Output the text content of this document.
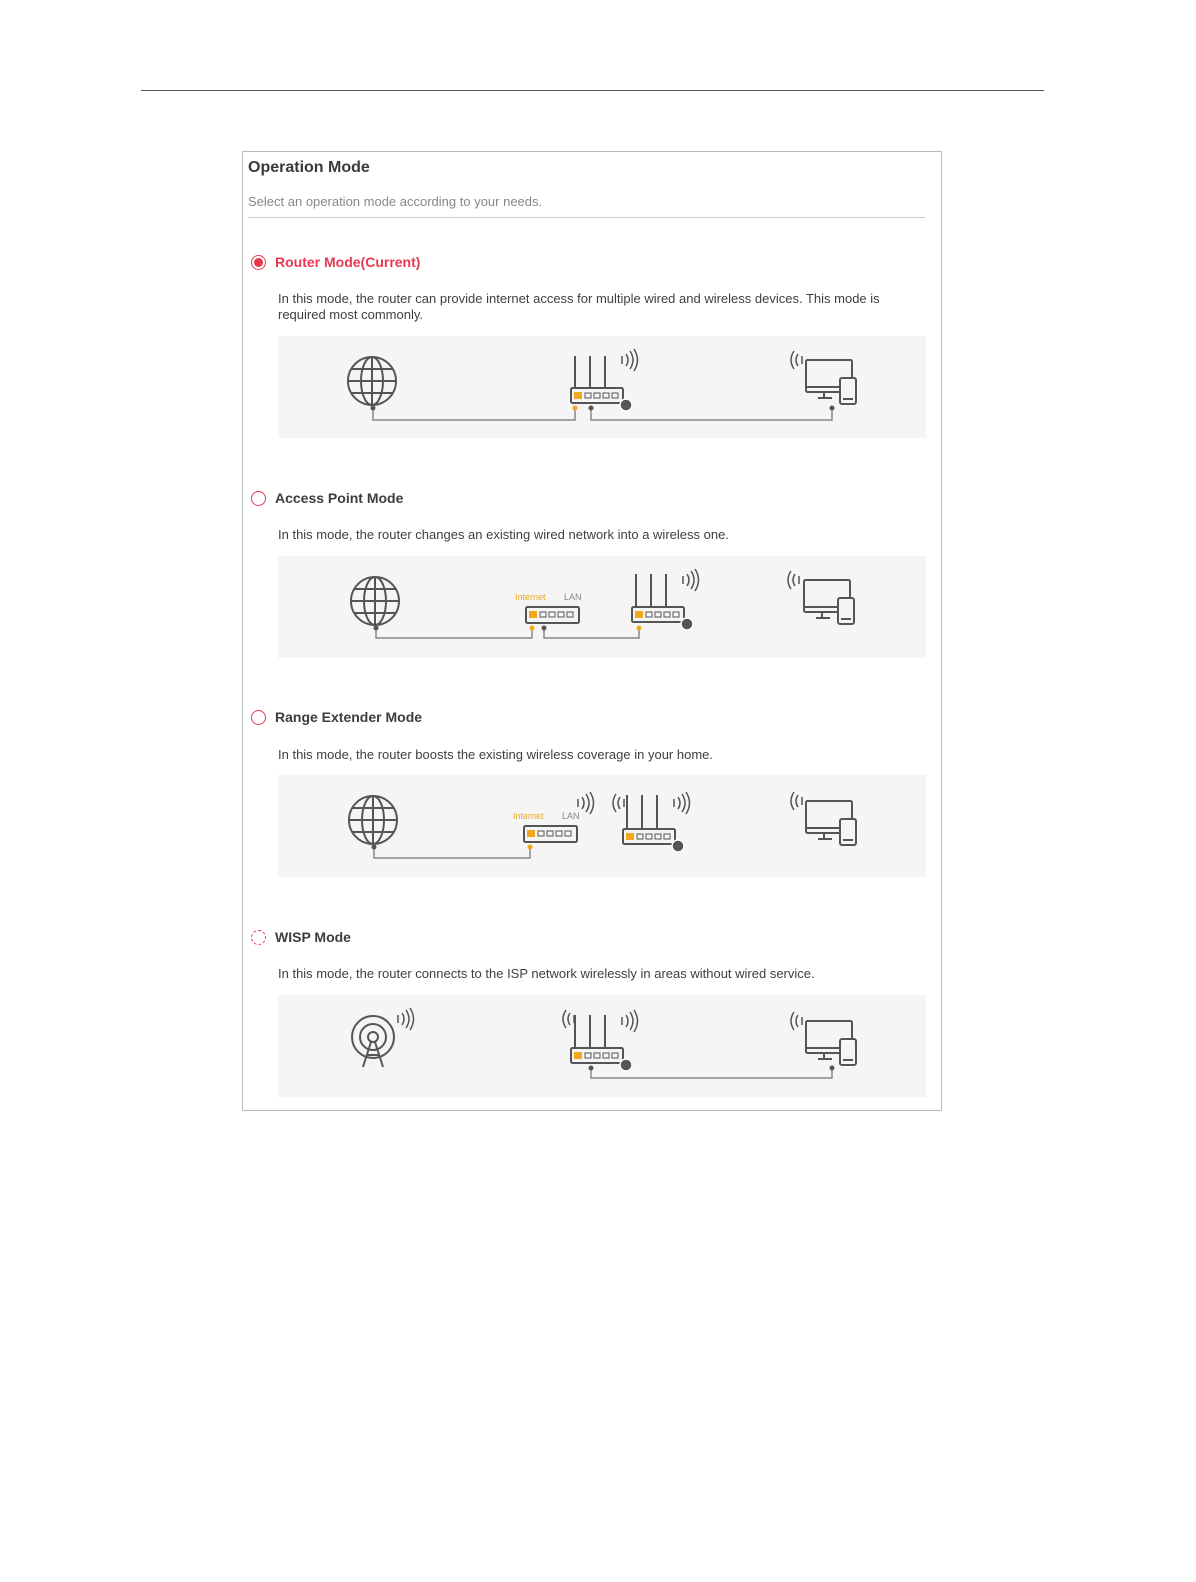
Operation Mode
Select an operation mode according to your needs.
Router Mode(Current)
In this mode, the router can provide internet access for multiple wired and wireless devices. This mode is required most commonly.
Access Point Mode
In this mode, the router changes an existing wired network into a wireless one.
Internet LAN
Range Extender Mode
In this mode, the router boosts the existing wireless coverage in your home.
Internet LAN
WISP Mode
In this mode, the router connects to the ISP network wirelessly in areas without wired service.
